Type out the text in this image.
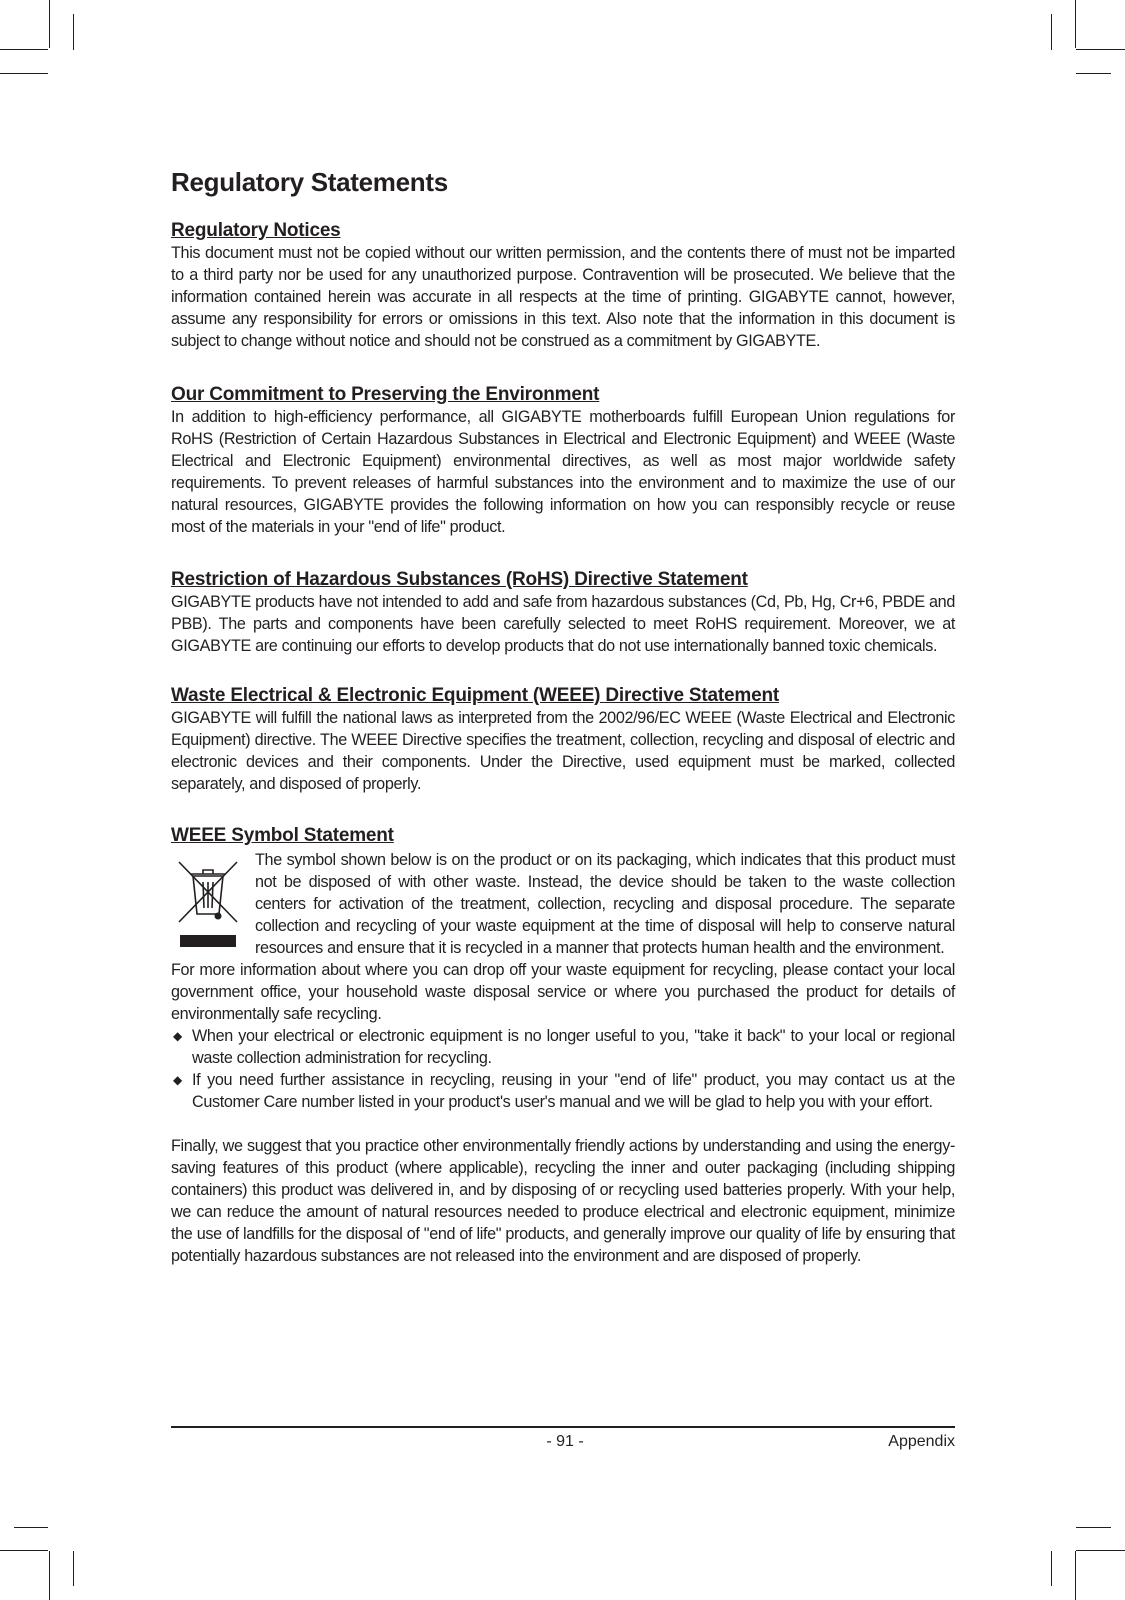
Regulatory Statements
Regulatory Notices

This document must not be copied without our written permission, and the contents there of must not be imparted to a third party nor be used for any unauthorized purpose. Contravention will be prosecuted. We believe that the information contained herein was accurate in all respects at the time of printing. GIGABYTE cannot, however, assume any responsibility for errors or omissions in this text. Also note that the information in this document is subject to change without notice and should not be construed as a commitment by GIGABYTE.

Our Commitment to Preserving the Environment

In addition to high-efficiency performance, all GIGABYTE motherboards fulfill European Union regulations for RoHS (Restriction of Certain Hazardous Substances in Electrical and Electronic Equipment) and WEEE (Waste Electrical and Electronic Equipment) environmental directives, as well as most major worldwide safety requirements. To prevent releases of harmful substances into the environment and to maximize the use of our natural resources, GIGABYTE provides the following information on how you can responsibly recycle or reuse most of the materials in your "end of life" product.

Restriction of Hazardous Substances (RoHS) Directive Statement

GIGABYTE products have not intended to add and safe from hazardous substances (Cd, Pb, Hg, Cr+6, PBDE and PBB). The parts and components have been carefully selected to meet RoHS requirement. Moreover, we at GIGABYTE are continuing our efforts to develop products that do not use internationally banned toxic chemicals.

Waste Electrical & Electronic Equipment (WEEE) Directive Statement

GIGABYTE will fulfill the national laws as interpreted from the 2002/96/EC WEEE (Waste Electrical and Electronic Equipment) directive. The WEEE Directive specifies the treatment, collection, recycling and disposal of electric and electronic devices and their components. Under the Directive, used equipment must be marked, collected separately, and disposed of properly.

WEEE Symbol Statement

The symbol shown below is on the product or on its packaging, which indicates that this product must not be disposed of with other waste. Instead, the device should be taken to the waste collection centers for activation of the treatment, collection, recycling and disposal procedure. The separate collection and recycling of your waste equipment at the time of disposal will help to conserve natural resources and ensure that it is recycled in a manner that protects human health and the environment.

For more information about where you can drop off your waste equipment for recycling, please contact your local government office, your household waste disposal service or where you purchased the product for details of environmentally safe recycling.

◆ When your electrical or electronic equipment is no longer useful to you, "take it back" to your local or regional waste collection administration for recycling.
◆ If you need further assistance in recycling, reusing in your "end of life" product, you may contact us at the Customer Care number listed in your product's user's manual and we will be glad to help you with your effort.

Finally, we suggest that you practice other environmentally friendly actions by understanding and using the energy-saving features of this product (where applicable), recycling the inner and outer packaging (including shipping containers) this product was delivered in, and by disposing of or recycling used batteries properly. With your help, we can reduce the amount of natural resources needed to produce electrical and electronic equipment, minimize the use of landfills for the disposal of "end of life" products, and generally improve our quality of life by ensuring that potentially hazardous substances are not released into the environment and are disposed of properly.

- 91 -	Appendix
